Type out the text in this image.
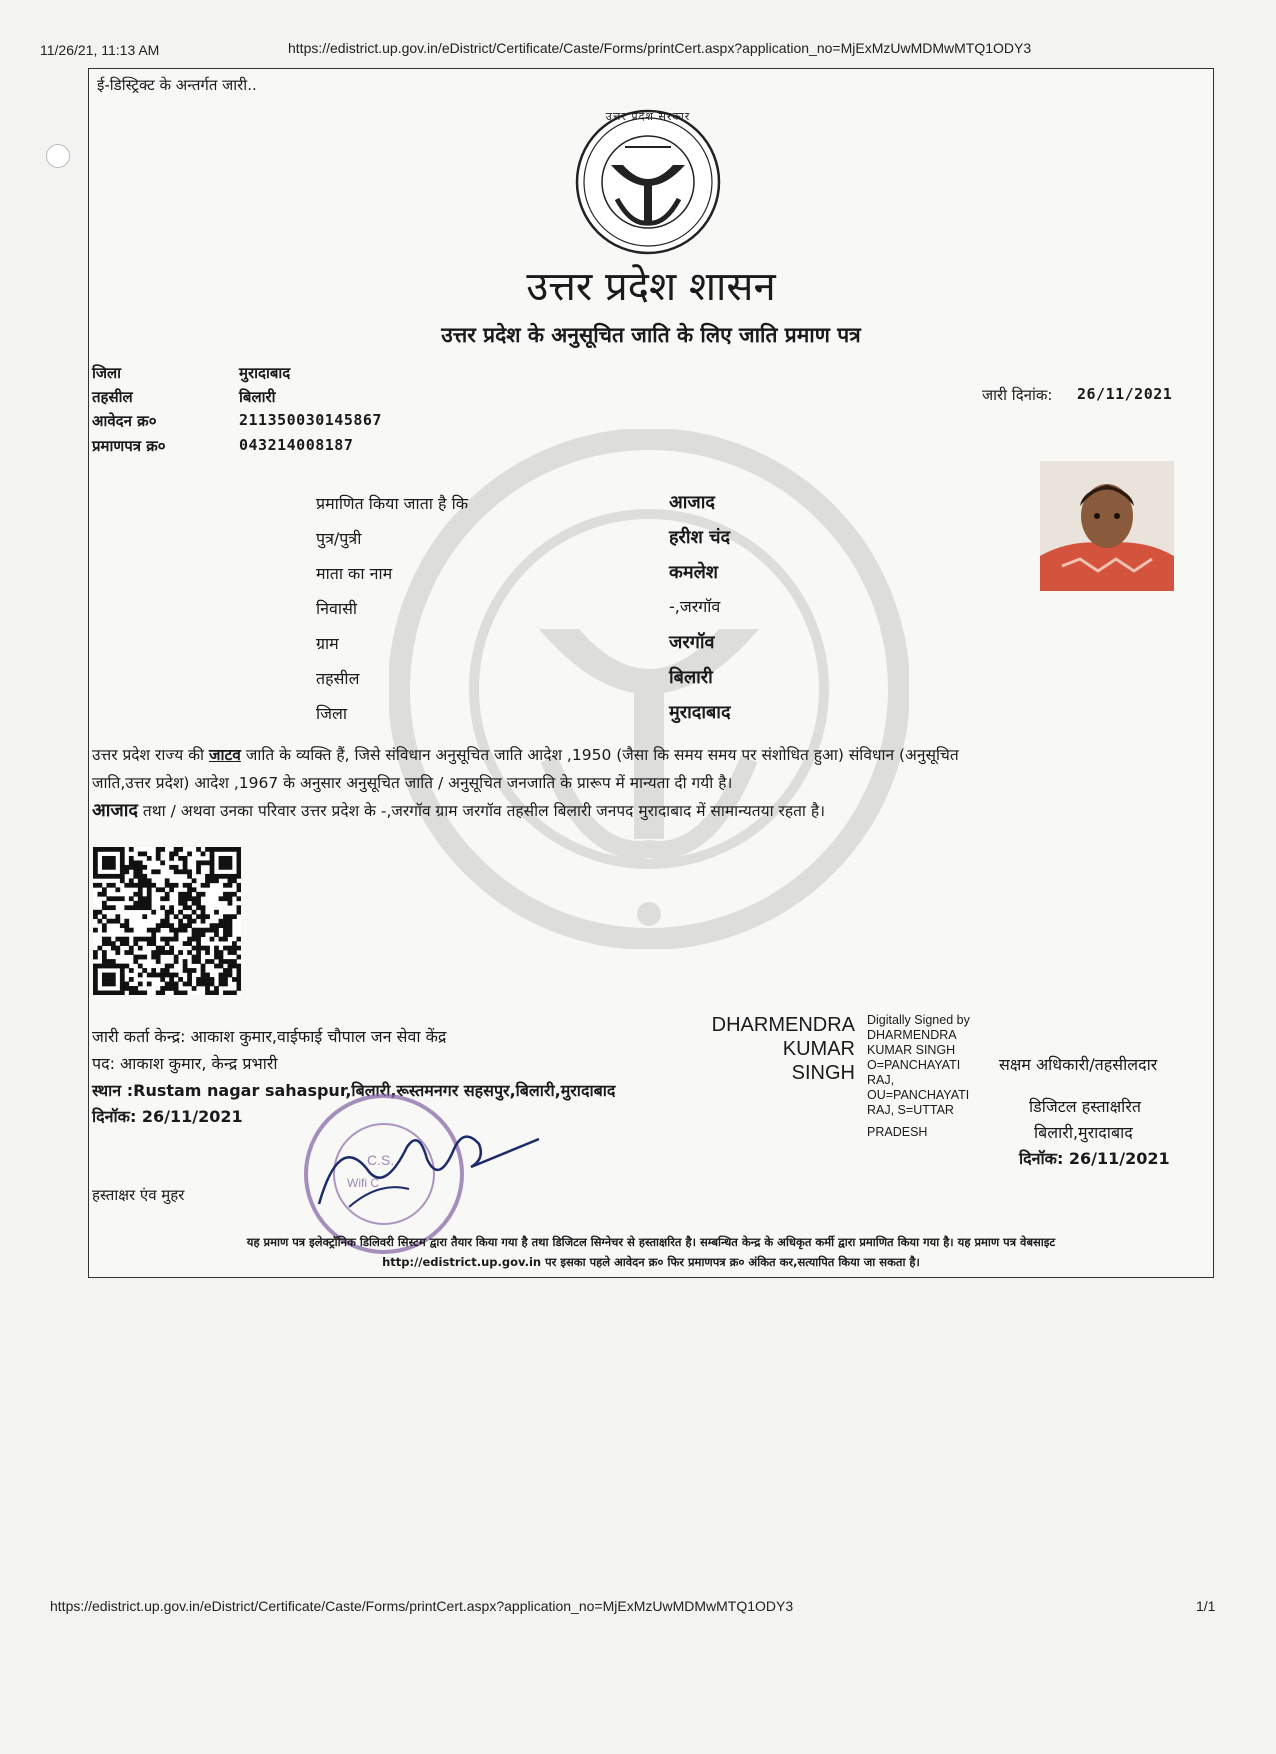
11/26/21, 11:13 AM	https://edistrict.up.gov.in/eDistrict/Certificate/Caste/Forms/printCert.aspx?application_no=MjExMzUwMDMwMTQ1ODY3
ई-डिस्ट्रिक्ट के अन्तर्गत जारी..
उत्तर प्रदेश सरकार
उत्तर प्रदेश शासन
उत्तर प्रदेश के अनुसूचित जाति के लिए जाति प्रमाण पत्र
जिला	मुरादाबाद
तहसील	बिलारी
आवेदन क्र०	211350030145867
प्रमाणपत्र क्र०	043214008187
जारी दिनांक: 26/11/2021
प्रमाणित किया जाता है कि	आजाद
पुत्र/पुत्री	हरीश चंद
माता का नाम	कमलेश
निवासी	-,जरगॉव
ग्राम	जरगॉव
तहसील	बिलारी
जिला	मुरादाबाद
उत्तर प्रदेश राज्य की जाटव जाति के व्यक्ति हैं, जिसे संविधान अनुसूचित जाति आदेश ,1950 (जैसा कि समय समय पर संशोधित हुआ) संविधान (अनुसूचित
जाति,उत्तर प्रदेश) आदेश ,1967 के अनुसार अनुसूचित जाति / अनुसूचित जनजाति के प्रारूप में मान्यता दी गयी है।
आजाद तथा / अथवा उनका परिवार उत्तर प्रदेश के -,जरगॉव ग्राम जरगॉव तहसील बिलारी जनपद मुरादाबाद में सामान्यतया रहता है।
जारी कर्ता केन्द्र: आकाश कुमार,वाईफाई चौपाल जन सेवा केंद्र
पद: आकाश कुमार, केन्द्र प्रभारी
स्थान :Rustam nagar sahaspur,बिलारी,रूस्तमनगर सहसपुर,बिलारी,मुरादाबाद
दिनॉक: 26/11/2021
हस्ताक्षर एंव मुहर
C.S.
Wifi C
DHARMENDRA
KUMAR
SINGH
Digitally Signed by
DHARMENDRA
KUMAR SINGH
O=PANCHAYATI
RAJ,
OU=PANCHAYATI
RAJ, S=UTTAR
PRADESH
सक्षम अधिकारी/तहसीलदार
डिजिटल हस्ताक्षरित
बिलारी,मुरादाबाद
दिनॉक: 26/11/2021
यह प्रमाण पत्र इलेक्ट्रॉनिक डिलिवरी सिस्टम द्वारा तैयार किया गया है तथा डिजिटल सिग्नेचर से हस्ताक्षरित है। सम्बन्धित केन्द्र के अधिकृत कर्मी द्वारा प्रमाणित किया गया है। यह प्रमाण पत्र वेबसाइट
http://edistrict.up.gov.in पर इसका पहले आवेदन क्र० फिर प्रमाणपत्र क्र० अंकित कर,सत्यापित किया जा सकता है।
https://edistrict.up.gov.in/eDistrict/Certificate/Caste/Forms/printCert.aspx?application_no=MjExMzUwMDMwMTQ1ODY3	1/1
